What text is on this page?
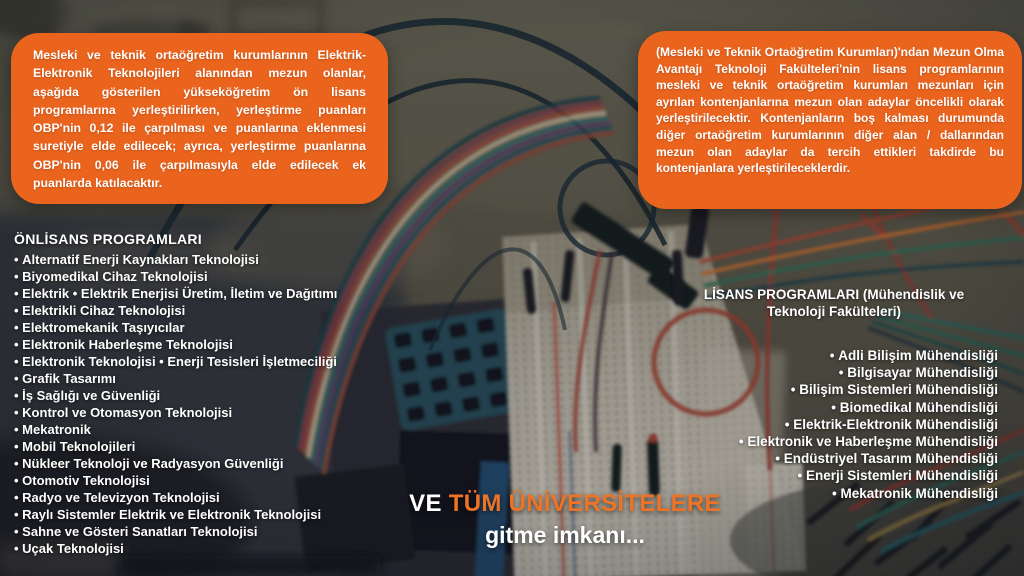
Mesleki ve teknik ortaöğretim kurumlarının Elektrik-Elektronik Teknolojileri alanından mezun olanlar, aşağıda gösterilen yükseköğretim ön lisans programlarına yerleştirilirken, yerleştirme puanları OBP'nin 0,12 ile çarpılması ve puanlarına eklenmesi suretiyle elde edilecek; ayrıca, yerleştirme puanlarına OBP'nin 0,06 ile çarpılmasıyla elde edilecek ek puanlarda katılacaktır.
(Mesleki ve Teknik Ortaöğretim Kurumları)'ndan Mezun Olma Avantajı Teknoloji Fakülteleri'nin lisans programlarının mesleki ve teknik ortaöğretim kurumları mezunları için ayrılan kontenjanlarına mezun olan adaylar öncelikli olarak yerleştirilecektir. Kontenjanların boş kalması durumunda diğer ortaöğretim kurumlarının diğer alan / dallarından mezun olan adaylar da tercih ettikleri takdirde bu kontenjanlara yerleştirileceklerdir.
ÖNLİSANS PROGRAMLARI
• Alternatif Enerji Kaynakları Teknolojisi
• Biyomedikal Cihaz Teknolojisi
• Elektrik • Elektrik Enerjisi Üretim, İletim ve Dağıtımı
• Elektrikli Cihaz Teknolojisi
• Elektromekanik Taşıyıcılar
• Elektronik Haberleşme Teknolojisi
• Elektronik Teknolojisi • Enerji Tesisleri İşletmeciliği
• Grafik Tasarımı
• İş Sağlığı ve Güvenliği
• Kontrol ve Otomasyon Teknolojisi
• Mekatronik
• Mobil Teknolojileri
• Nükleer Teknoloji ve Radyasyon Güvenliği
• Otomotiv Teknolojisi
• Radyo ve Televizyon Teknolojisi
• Raylı Sistemler Elektrik ve Elektronik Teknolojisi
• Sahne ve Gösteri Sanatları Teknolojisi
• Uçak Teknolojisi
LİSANS PROGRAMLARI (Mühendislik ve
Teknoloji Fakülteleri)
• Adli Bilişim Mühendisliği
• Bilgisayar Mühendisliği
• Bilişim Sistemleri Mühendisliği
• Biomedikal Mühendisliği
• Elektrik-Elektronik Mühendisliği
• Elektronik ve Haberleşme Mühendisliği
• Endüstriyel Tasarım Mühendisliği
• Enerji Sistemleri Mühendisliği
• Mekatronik Mühendisliği
VE TÜM ÜNİVERSİTELERE
gitme imkanı...
